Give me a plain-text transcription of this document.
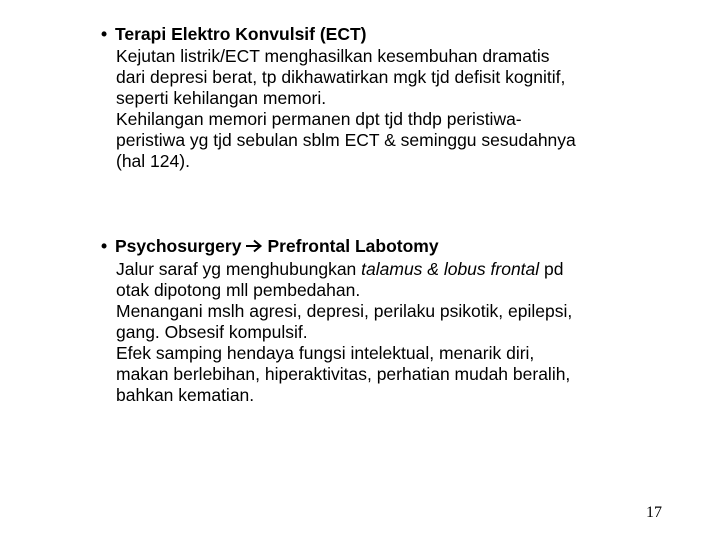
• Terapi Elektro Konvulsif (ECT)
Kejutan listrik/ECT menghasilkan kesembuhan dramatis
dari depresi berat, tp dikhawatirkan mgk tjd defisit kognitif,
seperti kehilangan memori.
Kehilangan memori permanen dpt tjd thdp peristiwa-
peristiwa yg tjd sebulan sblm ECT & seminggu sesudahnya
(hal 124).
• Psychosurgery Prefrontal Labotomy
Jalur saraf yg menghubungkan talamus & lobus frontal pd
otak dipotong mll pembedahan.
Menangani mslh agresi, depresi, perilaku psikotik, epilepsi,
gang. Obsesif kompulsif.
Efek samping hendaya fungsi intelektual, menarik diri,
makan berlebihan, hiperaktivitas, perhatian mudah beralih,
bahkan kematian.
17
